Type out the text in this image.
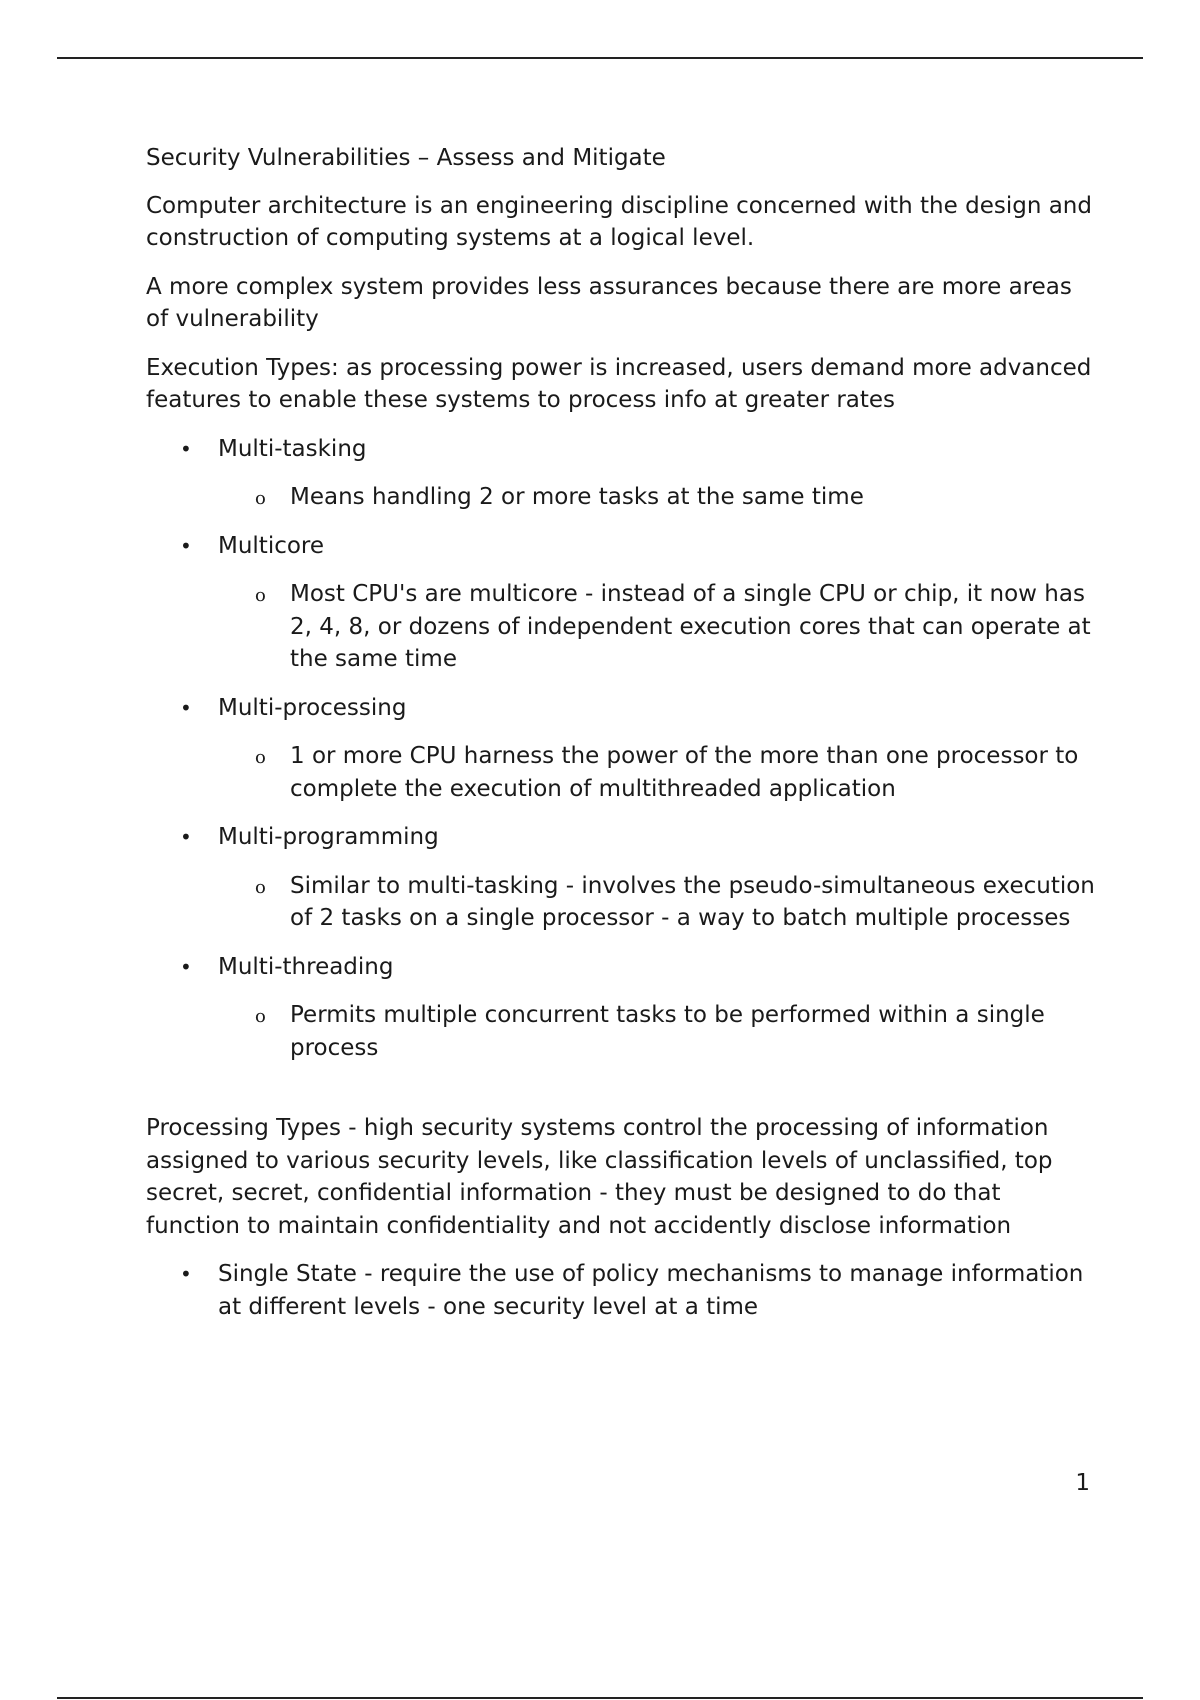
Security Vulnerabilities – Assess and Mitigate

Computer architecture is an engineering discipline concerned with the design and construction of computing systems at a logical level.

A more complex system provides less assurances because there are more areas of vulnerability

Execution Types: as processing power is increased, users demand more advanced features to enable these systems to process info at greater rates

• Multi-tasking
o Means handling 2 or more tasks at the same time
• Multicore
o Most CPU's are multicore - instead of a single CPU or chip, it now has 2, 4, 8, or dozens of independent execution cores that can operate at the same time
• Multi-processing
o 1 or more CPU harness the power of the more than one processor to complete the execution of multithreaded application
• Multi-programming
o Similar to multi-tasking - involves the pseudo-simultaneous execution of 2 tasks on a single processor - a way to batch multiple processes
• Multi-threading
o Permits multiple concurrent tasks to be performed within a single process

Processing Types - high security systems control the processing of information assigned to various security levels, like classification levels of unclassified, top secret, secret, confidential information - they must be designed to do that function to maintain confidentiality and not accidently disclose information

• Single State - require the use of policy mechanisms to manage information at different levels - one security level at a time
1
